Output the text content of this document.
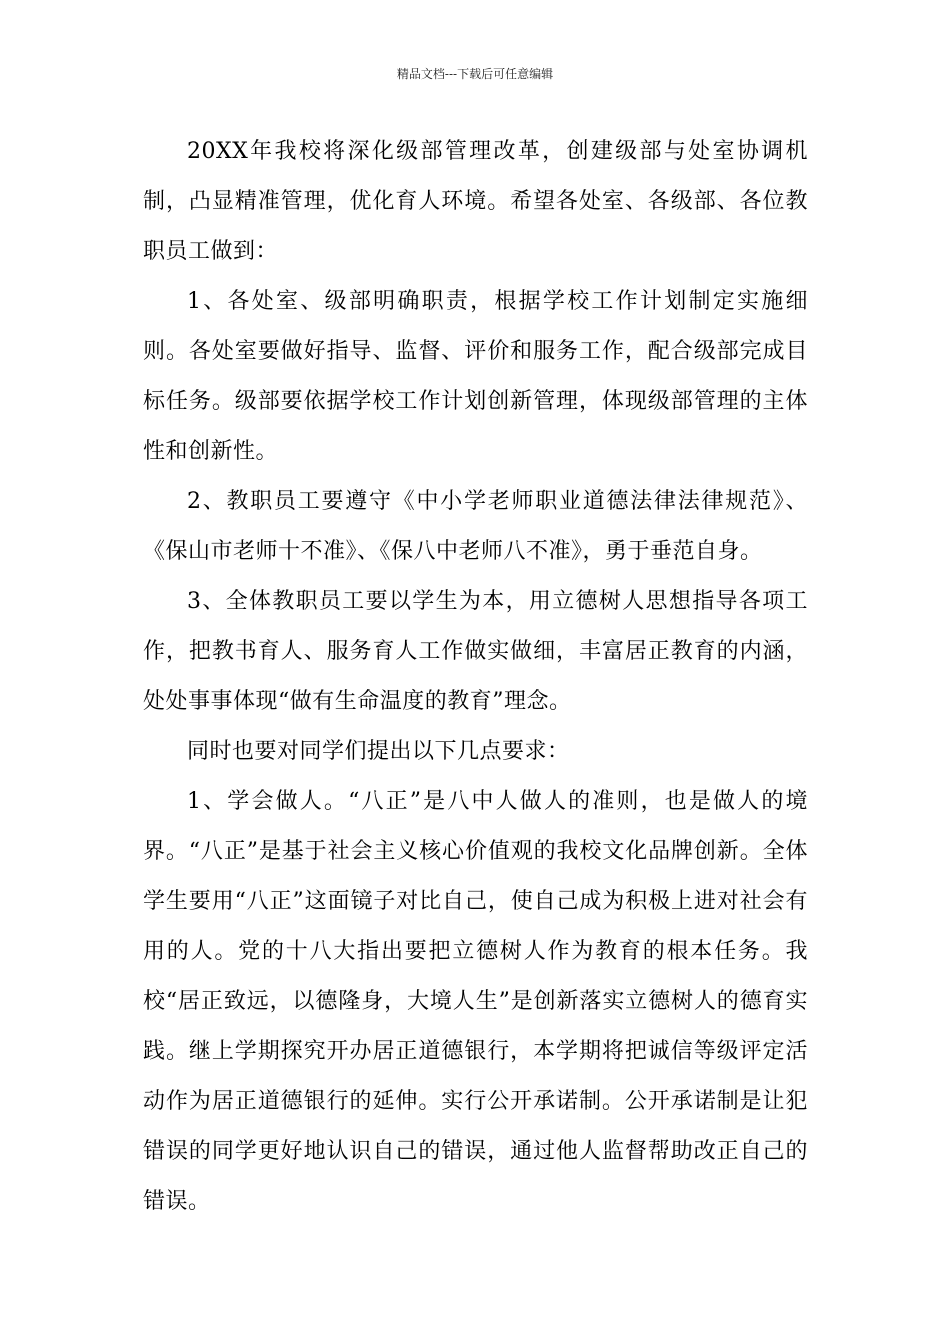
精品文档---下载后可任意编辑

20XX年我校将深化级部管理改革，创建级部与处室协调机制，凸显精准管理，优化育人环境。希望各处室、各级部、各位教职员工做到：

1、各处室、级部明确职责，根据学校工作计划制定实施细则。各处室要做好指导、监督、评价和服务工作，配合级部完成目标任务。级部要依据学校工作计划创新管理，体现级部管理的主体性和创新性。

2、教职员工要遵守《中小学老师职业道德法律法律规范》、《保山市老师十不准》、《保八中老师八不准》，勇于垂范自身。

3、全体教职员工要以学生为本，用立德树人思想指导各项工作，把教书育人、服务育人工作做实做细，丰富居正教育的内涵，处处事事体现“做有生命温度的教育”理念。

同时也要对同学们提出以下几点要求：

1、学会做人。“八正”是八中人做人的准则，也是做人的境界。“八正”是基于社会主义核心价值观的我校文化品牌创新。全体学生要用“八正”这面镜子对比自己，使自己成为积极上进对社会有用的人。党的十八大指出要把立德树人作为教育的根本任务。我校“居正致远，以德隆身，大境人生”是创新落实立德树人的德育实践。继上学期探究开办居正道德银行，本学期将把诚信等级评定活动作为居正道德银行的延伸。实行公开承诺制。公开承诺制是让犯错误的同学更好地认识自己的错误，通过他人监督帮助改正自己的错误。
